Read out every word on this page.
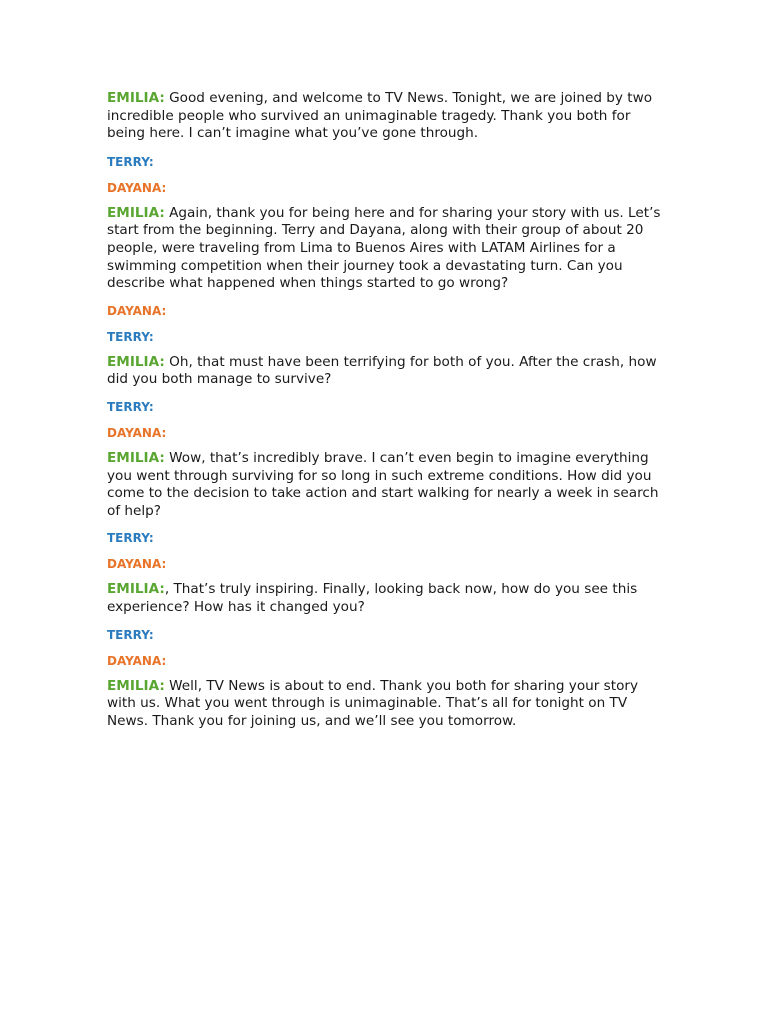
EMILIA: Good evening, and welcome to TV News. Tonight, we are joined by two incredible people who survived an unimaginable tragedy. Thank you both for being here. I can’t imagine what you’ve gone through.

TERRY:

DAYANA:

EMILIA: Again, thank you for being here and for sharing your story with us. Let’s start from the beginning. Terry and Dayana, along with their group of about 20 people, were traveling from Lima to Buenos Aires with LATAM Airlines for a swimming competition when their journey took a devastating turn. Can you describe what happened when things started to go wrong?

DAYANA:

TERRY:

EMILIA: Oh, that must have been terrifying for both of you. After the crash, how did you both manage to survive?

TERRY:

DAYANA:

EMILIA: Wow, that’s incredibly brave. I can’t even begin to imagine everything you went through surviving for so long in such extreme conditions. How did you come to the decision to take action and start walking for nearly a week in search of help?

TERRY:

DAYANA:

EMILIA:, That’s truly inspiring. Finally, looking back now, how do you see this experience? How has it changed you?

TERRY:

DAYANA:

EMILIA: Well, TV News is about to end. Thank you both for sharing your story with us. What you went through is unimaginable. That’s all for tonight on TV News. Thank you for joining us, and we’ll see you tomorrow.
